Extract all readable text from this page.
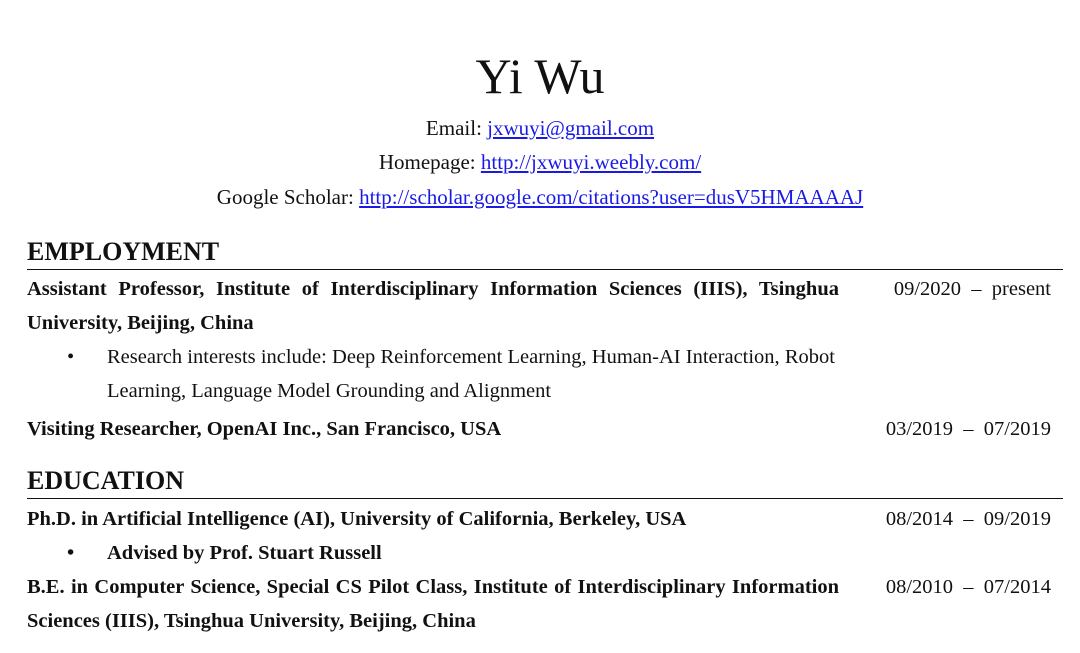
Yi Wu
Email: jxwuyi@gmail.com
Homepage: http://jxwuyi.weebly.com/
Google Scholar: http://scholar.google.com/citations?user=dusV5HMAAAAJ
EMPLOYMENT
Assistant Professor, Institute of Interdisciplinary Information Sciences (IIIS), Tsinghua University, Beijing, China
09/2020  –  present
• Research interests include: Deep Reinforcement Learning, Human-AI Interaction, Robot Learning, Language Model Grounding and Alignment
Visiting Researcher, OpenAI Inc., San Francisco, USA	03/2019  –  07/2019
EDUCATION
Ph.D. in Artificial Intelligence (AI), University of California, Berkeley, USA	08/2014  –  09/2019
• Advised by Prof. Stuart Russell
B.E. in Computer Science, Special CS Pilot Class, Institute of Interdisciplinary Information Sciences (IIIS), Tsinghua University, Beijing, China
08/2010  –  07/2014
